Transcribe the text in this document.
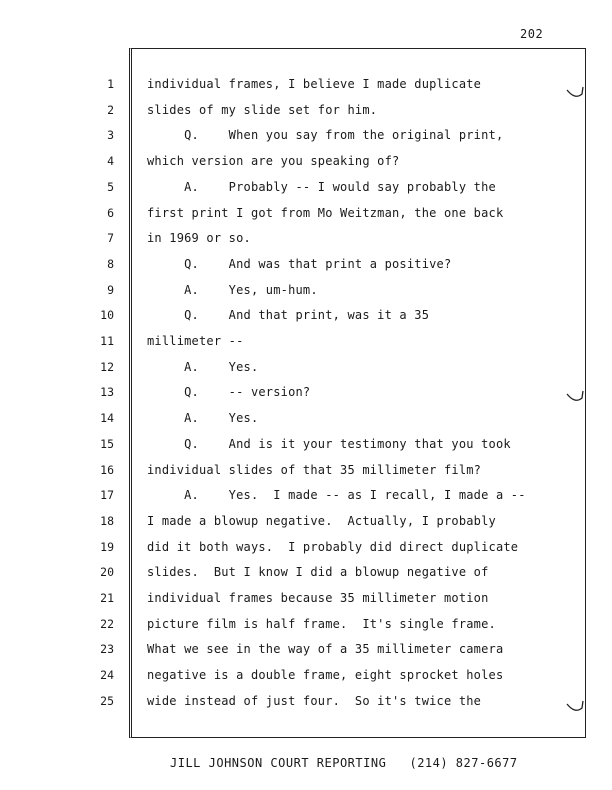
202
1	individual frames, I believe I made duplicate
2	slides of my slide set for him.
3	Q.    When you say from the original print,
4	which version are you speaking of?
5	A.    Probably -- I would say probably the
6	first print I got from Mo Weitzman, the one back
7	in 1969 or so.
8	Q.    And was that print a positive?
9	A.    Yes, um-hum.
10	Q.    And that print, was it a 35
11	millimeter --
12	A.    Yes.
13	Q.    -- version?
14	A.    Yes.
15	Q.    And is it your testimony that you took
16	individual slides of that 35 millimeter film?
17	A.    Yes.  I made -- as I recall, I made a --
18	I made a blowup negative.  Actually, I probably
19	did it both ways.  I probably did direct duplicate
20	slides.  But I know I did a blowup negative of
21	individual frames because 35 millimeter motion
22	picture film is half frame.  It's single frame.
23	What we see in the way of a 35 millimeter camera
24	negative is a double frame, eight sprocket holes
25	wide instead of just four.  So it's twice the
JILL JOHNSON COURT REPORTING   (214) 827-6677
